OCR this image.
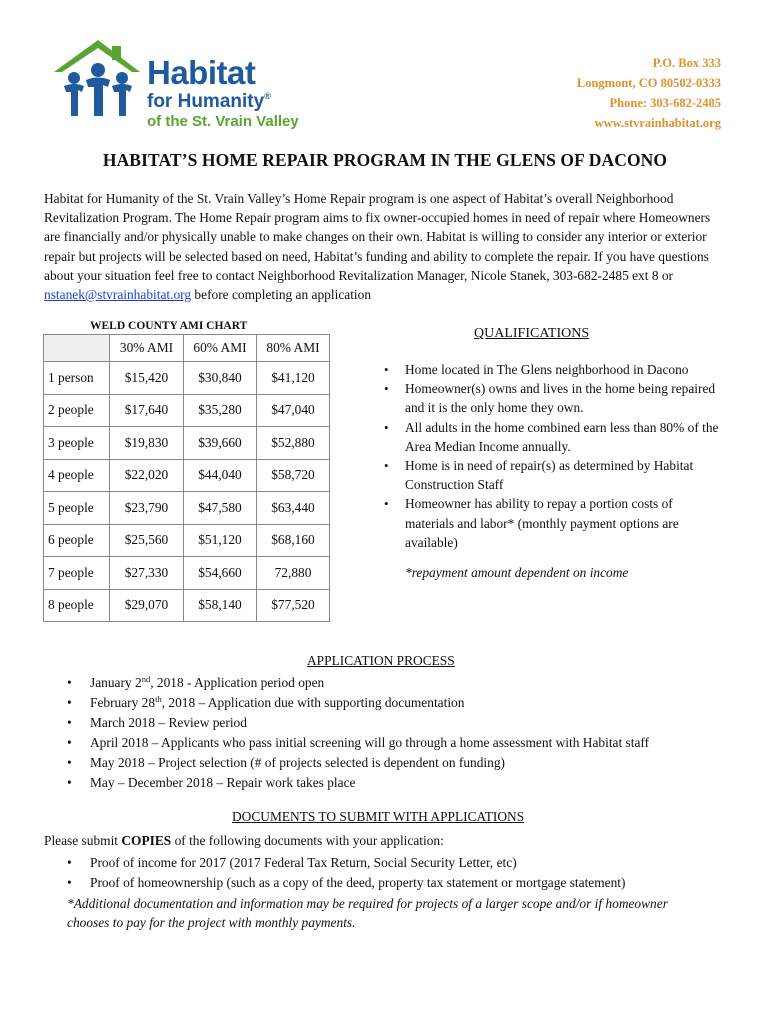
Habitat
for Humanity®
of the St. Vrain Valley
P.O. Box 333
Longmont, CO 80502-0333
Phone: 303-682-2485
www.stvrainhabitat.org
HABITAT’S HOME REPAIR PROGRAM IN THE GLENS OF DACONO

Habitat for Humanity of the St. Vrain Valley’s Home Repair program is one aspect of Habitat’s overall Neighborhood Revitalization Program. The Home Repair program aims to fix owner-occupied homes in need of repair where Homeowners are financially and/or physically unable to make changes on their own. Habitat is willing to consider any interior or exterior repair but projects will be selected based on need, Habitat’s funding and ability to complete the repair. If you have questions about your situation feel free to contact Neighborhood Revitalization Manager, Nicole Stanek, 303-682-2485 ext 8 or nstanek@stvrainhabitat.org before completing an application

WELD COUNTY AMI CHART
	30% AMI	60% AMI	80% AMI
1 person	$15,420	$30,840	$41,120
2 people	$17,640	$35,280	$47,040
3 people	$19,830	$39,660	$52,880
4 people	$22,020	$44,040	$58,720
5 people	$23,790	$47,580	$63,440
6 people	$25,560	$51,120	$68,160
7 people	$27,330	$54,660	72,880
8 people	$29,070	$58,140	$77,520
QUALIFICATIONS
• Home located in The Glens neighborhood in Dacono
• Homeowner(s) owns and lives in the home being repaired and it is the only home they own.
• All adults in the home combined earn less than 80% of the Area Median Income annually.
• Home is in need of repair(s) as determined by Habitat Construction Staff
• Homeowner has ability to repay a portion costs of materials and labor* (monthly payment options are available)
*repayment amount dependent on income
APPLICATION PROCESS
• January 2nd, 2018 - Application period open
• February 28th, 2018 – Application due with supporting documentation
• March 2018 – Review period
• April 2018 – Applicants who pass initial screening will go through a home assessment with Habitat staff
• May 2018 – Project selection (# of projects selected is dependent on funding)
• May – December 2018 – Repair work takes place
DOCUMENTS TO SUBMIT WITH APPLICATIONS
Please submit COPIES of the following documents with your application:
• Proof of income for 2017 (2017 Federal Tax Return, Social Security Letter, etc)
• Proof of homeownership (such as a copy of the deed, property tax statement or mortgage statement)
*Additional documentation and information may be required for projects of a larger scope and/or if homeowner chooses to pay for the project with monthly payments.
